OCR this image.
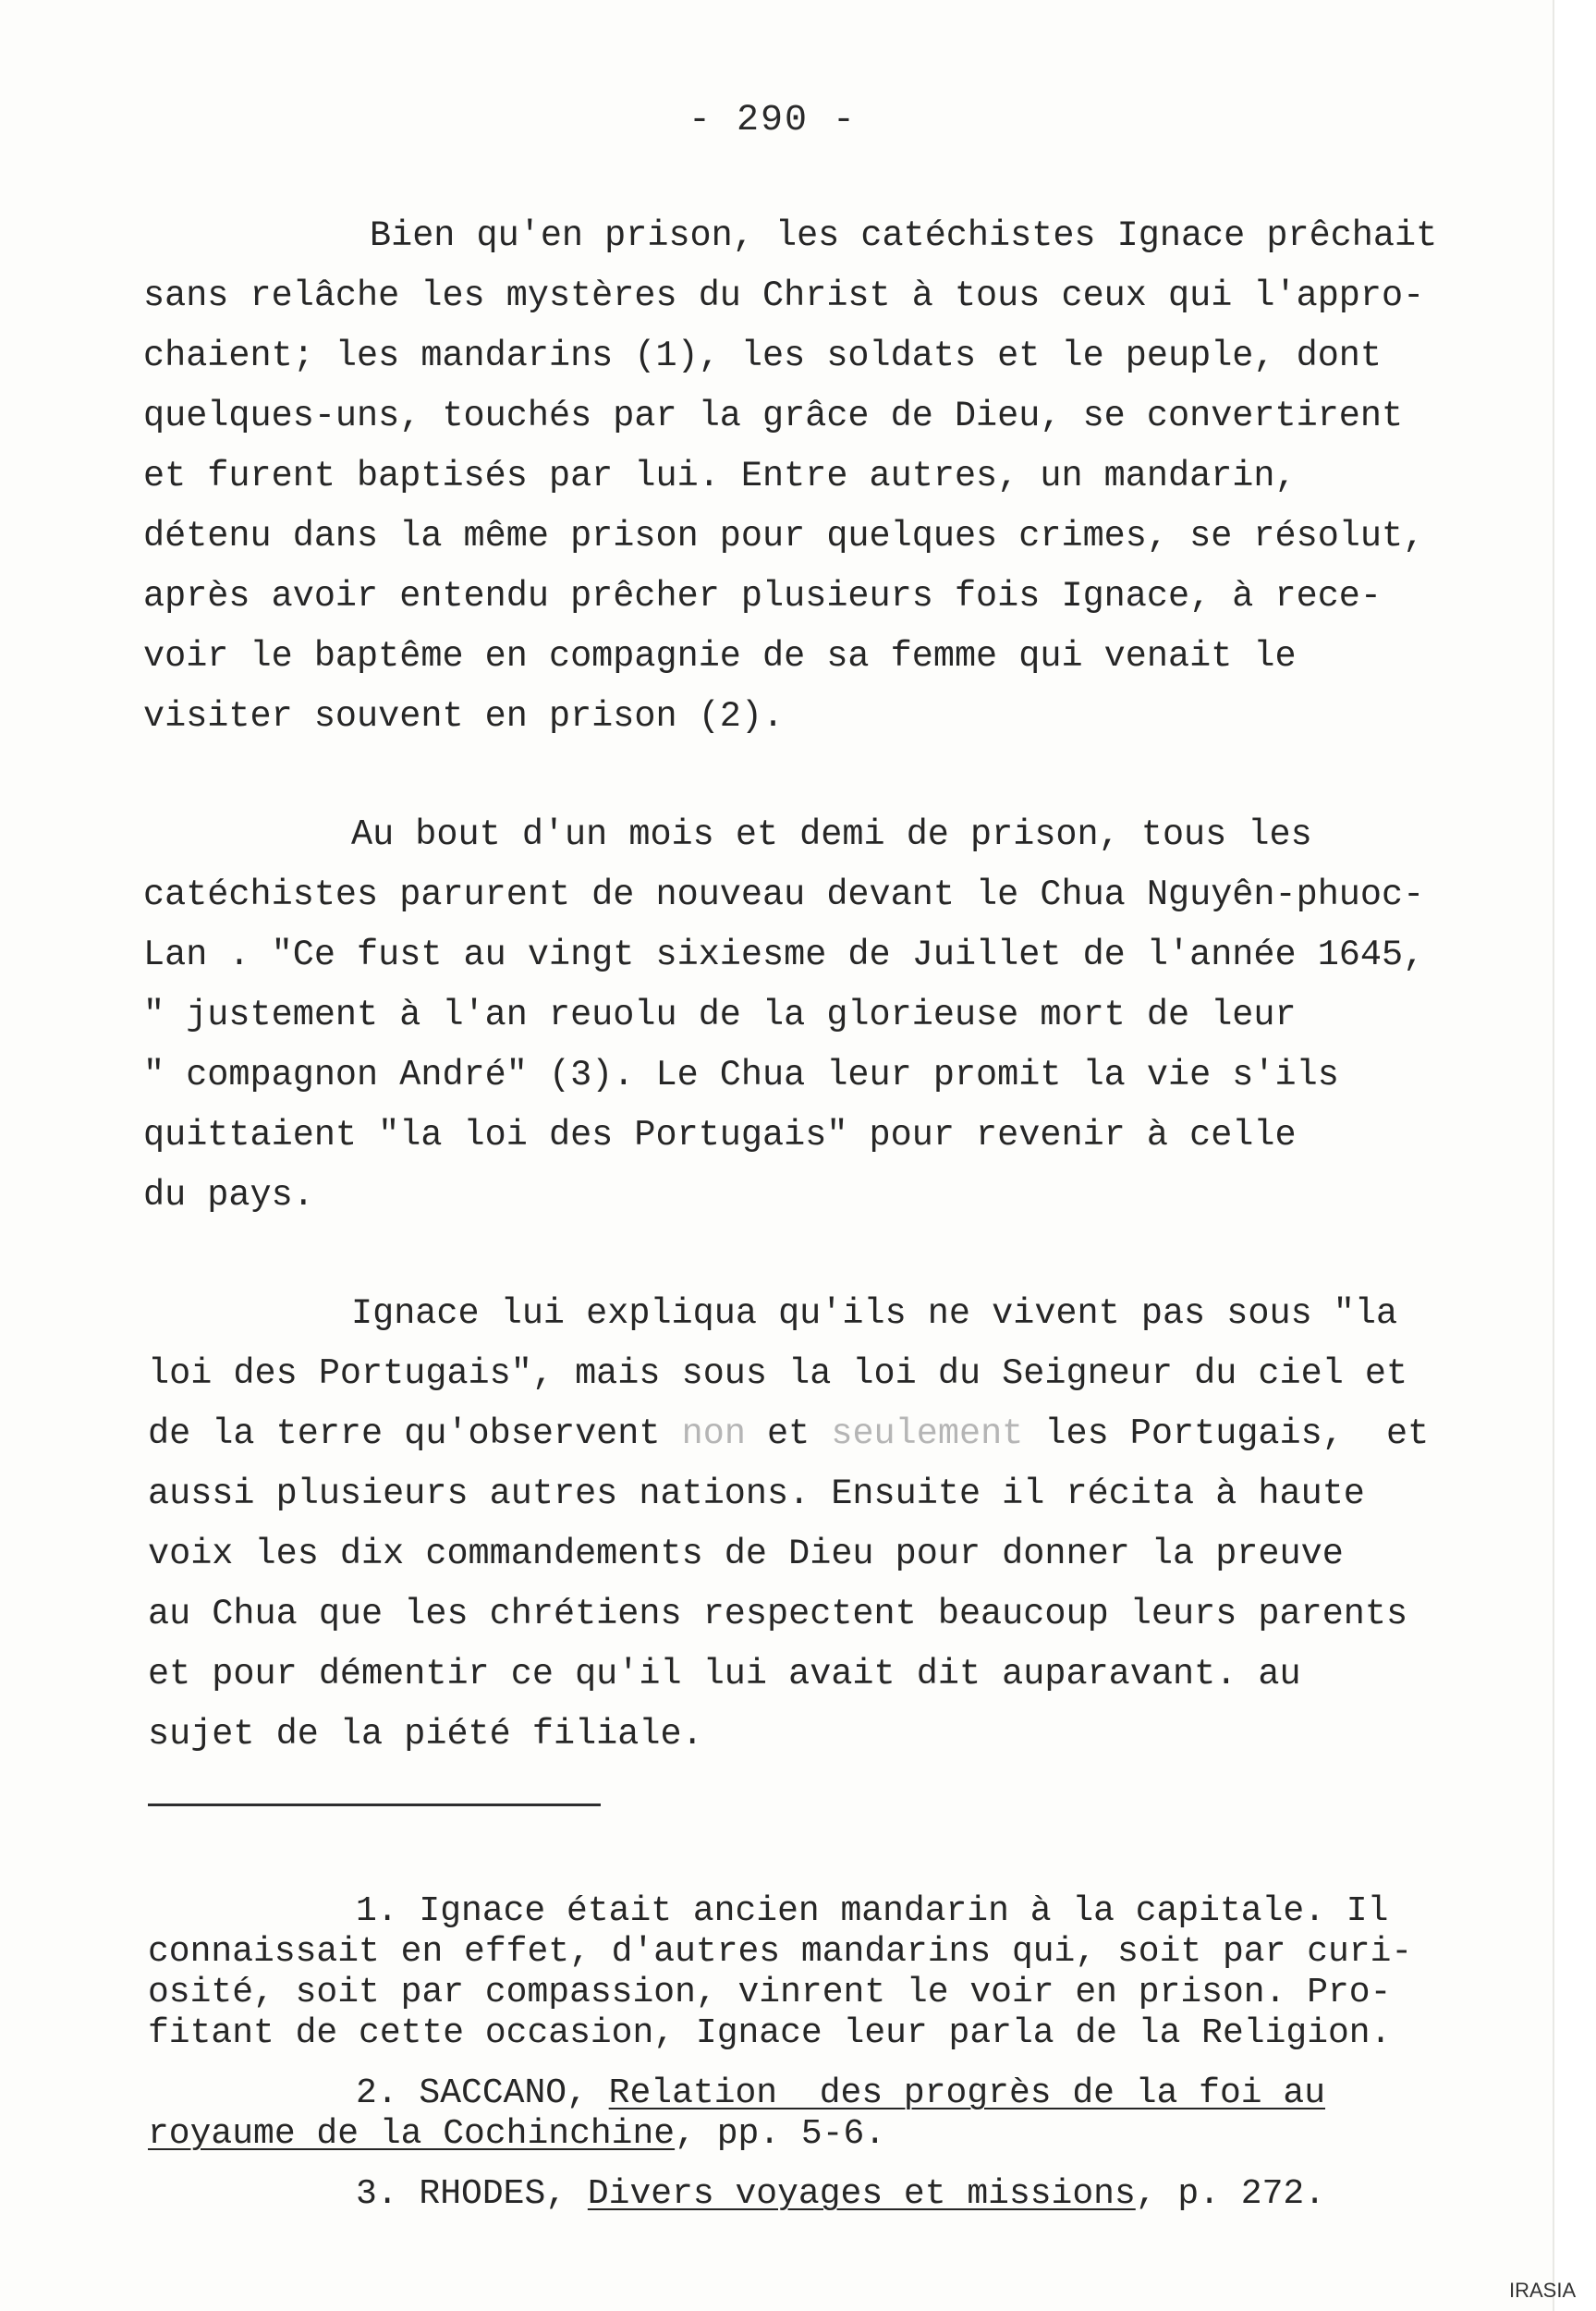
- 290 -
Bien qu'en prison, les catéchistes Ignace prêchait
sans relâche les mystères du Christ à tous ceux qui l'appro-
chaient; les mandarins (1), les soldats et le peuple, dont
quelques-uns, touchés par la grâce de Dieu, se convertirent
et furent baptisés par lui. Entre autres, un mandarin,
détenu dans la même prison pour quelques crimes, se résolut,
après avoir entendu prêcher plusieurs fois Ignace, à rece-
voir le baptême en compagnie de sa femme qui venait le
visiter souvent en prison (2).
Au bout d'un mois et demi de prison, tous les
catéchistes parurent de nouveau devant le Chua Nguyên-phuoc-
Lan . "Ce fust au vingt sixiesme de Juillet de l'année 1645,
" justement à l'an reuolu de la glorieuse mort de leur
" compagnon André" (3). Le Chua leur promit la vie s'ils
quittaient "la loi des Portugais" pour revenir à celle
du pays.
Ignace lui expliqua qu'ils ne vivent pas sous "la
loi des Portugais", mais sous la loi du Seigneur du ciel et
de la terre qu'observent non et seulement les Portugais,  et
aussi plusieurs autres nations. Ensuite il récita à haute
voix les dix commandements de Dieu pour donner la preuve
au Chua que les chrétiens respectent beaucoup leurs parents
et pour démentir ce qu'il lui avait dit auparavant. au
sujet de la piété filiale.
1. Ignace était ancien mandarin à la capitale. Il
connaissait en effet, d'autres mandarins qui, soit par curi-
osité, soit par compassion, vinrent le voir en prison. Pro-
fitant de cette occasion, Ignace leur parla de la Religion.
2. SACCANO, Relation  des progrès de la foi au
royaume de la Cochinchine, pp. 5-6.
3. RHODES, Divers voyages et missions, p. 272.
IRASIA
